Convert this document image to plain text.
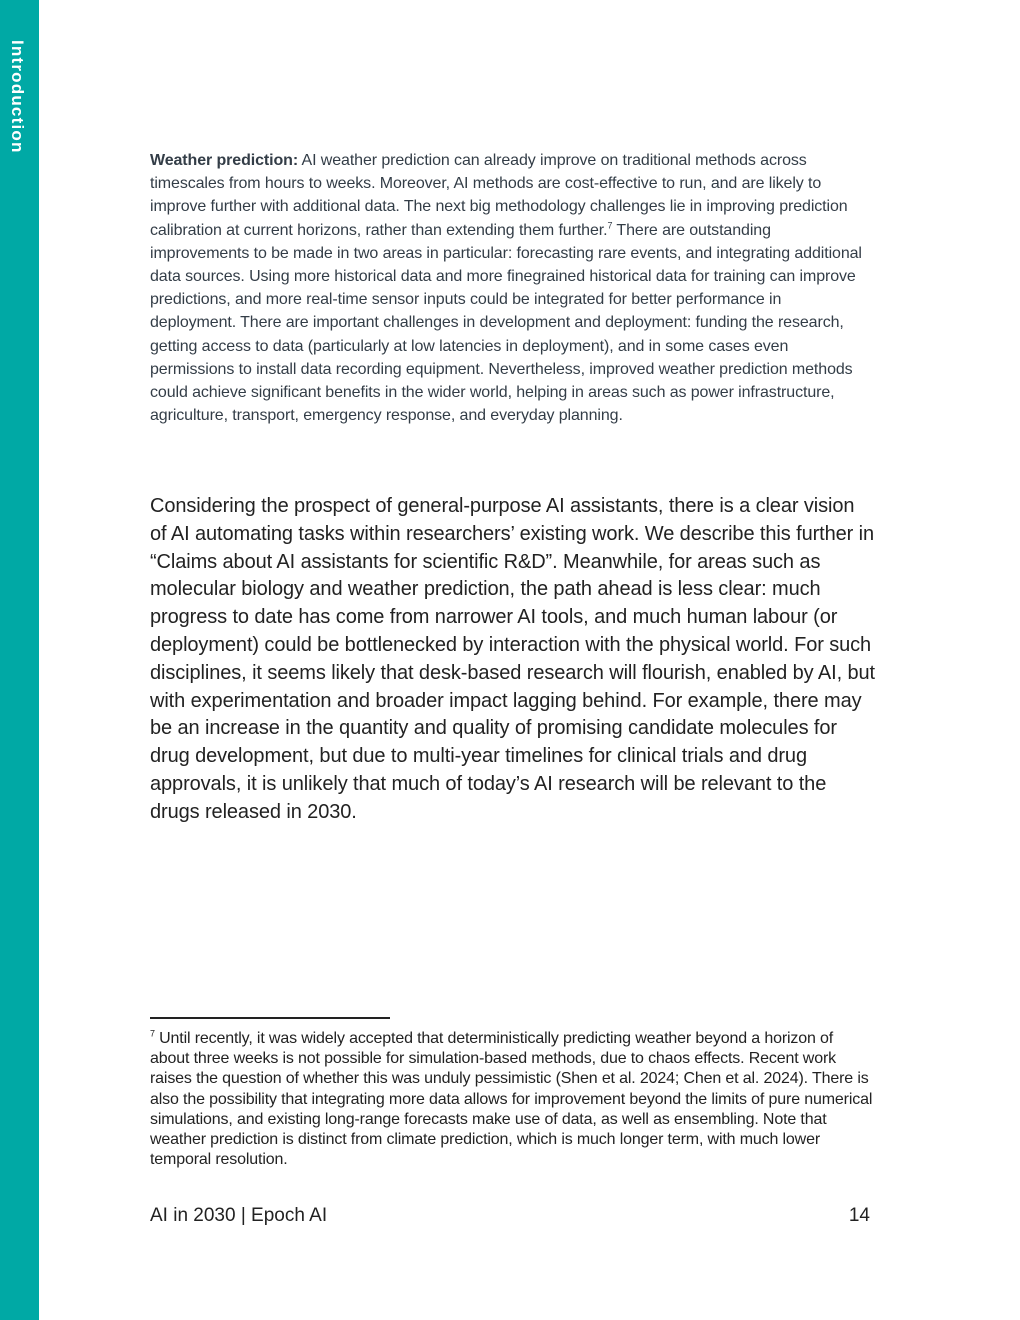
Introduction
Weather prediction: AI weather prediction can already improve on traditional methods across timescales from hours to weeks. Moreover, AI methods are cost-effective to run, and are likely to improve further with additional data. The next big methodology challenges lie in improving prediction calibration at current horizons, rather than extending them further.$^7$ There are outstanding improvements to be made in two areas in particular: forecasting rare events, and integrating additional data sources. Using more historical data and more finegrained historical data for training can improve predictions, and more real-time sensor inputs could be integrated for better performance in deployment. There are important challenges in development and deployment: funding the research, getting access to data (particularly at low latencies in deployment), and in some cases even permissions to install data recording equipment. Nevertheless, improved weather prediction methods could achieve significant benefits in the wider world, helping in areas such as power infrastructure, agriculture, transport, emergency response, and everyday planning.
Considering the prospect of general-purpose AI assistants, there is a clear vision of AI automating tasks within researchers’ existing work. We describe this further in “Claims about AI assistants for scientific R&D”. Meanwhile, for areas such as molecular biology and weather prediction, the path ahead is less clear: much progress to date has come from narrower AI tools, and much human labour (or deployment) could be bottlenecked by interaction with the physical world. For such disciplines, it seems likely that desk-based research will flourish, enabled by AI, but with experimentation and broader impact lagging behind. For example, there may be an increase in the quantity and quality of promising candidate molecules for drug development, but due to multi-year timelines for clinical trials and drug approvals, it is unlikely that much of today’s AI research will be relevant to the drugs released in 2030.
$^7$ Until recently, it was widely accepted that deterministically predicting weather beyond a horizon of about three weeks is not possible for simulation-based methods, due to chaos effects. Recent work raises the question of whether this was unduly pessimistic (Shen et al. 2024; Chen et al. 2024). There is also the possibility that integrating more data allows for improvement beyond the limits of pure numerical simulations, and existing long-range forecasts make use of data, as well as ensembling. Note that weather prediction is distinct from climate prediction, which is much longer term, with much lower temporal resolution.
AI in 2030 | Epoch AI	14
